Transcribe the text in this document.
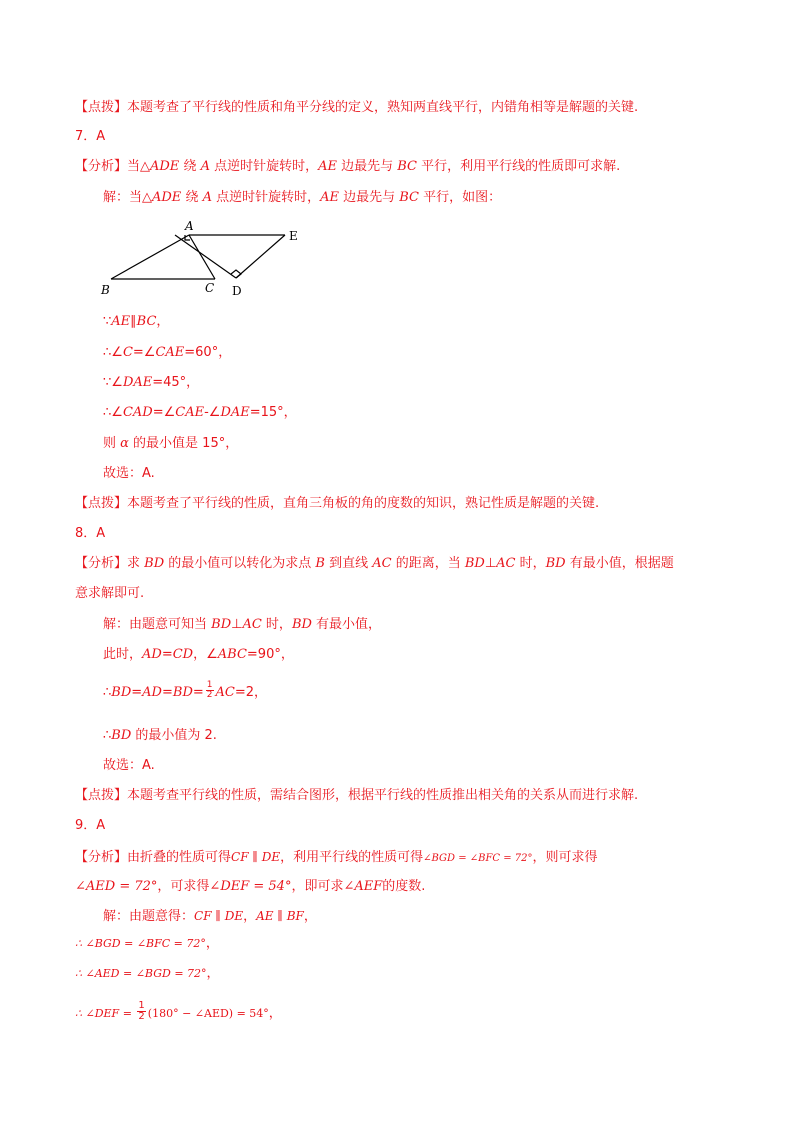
【点拨】本题考查了平行线的性质和角平分线的定义，熟知两直线平行，内错角相等是解题的关键.
7．A
【分析】当△ADE 绕 A 点逆时针旋转时，AE 边最先与 BC 平行，利用平行线的性质即可求解.
解：当△ADE 绕 A 点逆时针旋转时，AE 边最先与 BC 平行，如图：
A
B	C D
E
∵AE∥BC，
∴∠C=∠CAE=60°，
∵∠DAE=45°，
∴∠CAD=∠CAE-∠DAE=15°，
则 α 的最小值是 15°，
故选：A.
【点拨】本题考查了平行线的性质，直角三角板的角的度数的知识，熟记性质是解题的关键.
8．A
【分析】求 BD 的最小值可以转化为求点 B 到直线 AC 的距离，当 BD⊥AC 时，BD 有最小值，根据题
意求解即可.
解：由题意可知当 BD⊥AC 时，BD 有最小值，
此时，AD=CD，∠ABC=90°，
∴BD=AD=BD= $\frac{1}{2} AC=2$，
∴BD 的最小值为 2.
故选：A.
【点拨】本题考查平行线的性质，需结合图形，根据平行线的性质推出相关角的关系从而进行求解.
9．A
【分析】由折叠的性质可得CF ∥ DE，利用平行线的性质可得∠BGD = ∠BFC = 72°，则可求得
∠AED = 72°，可求得∠DEF = 54°，即可求∠AEF的度数.
解：由题意得：CF ∥ DE，AE ∥ BF，
∴ ∠BGD = ∠BFC = 72°，
∴ ∠AED = ∠BGD = 72°，
∴ ∠DEF = $\frac{1}{2} (180^\circ$ − ∠AED) = 54°，
